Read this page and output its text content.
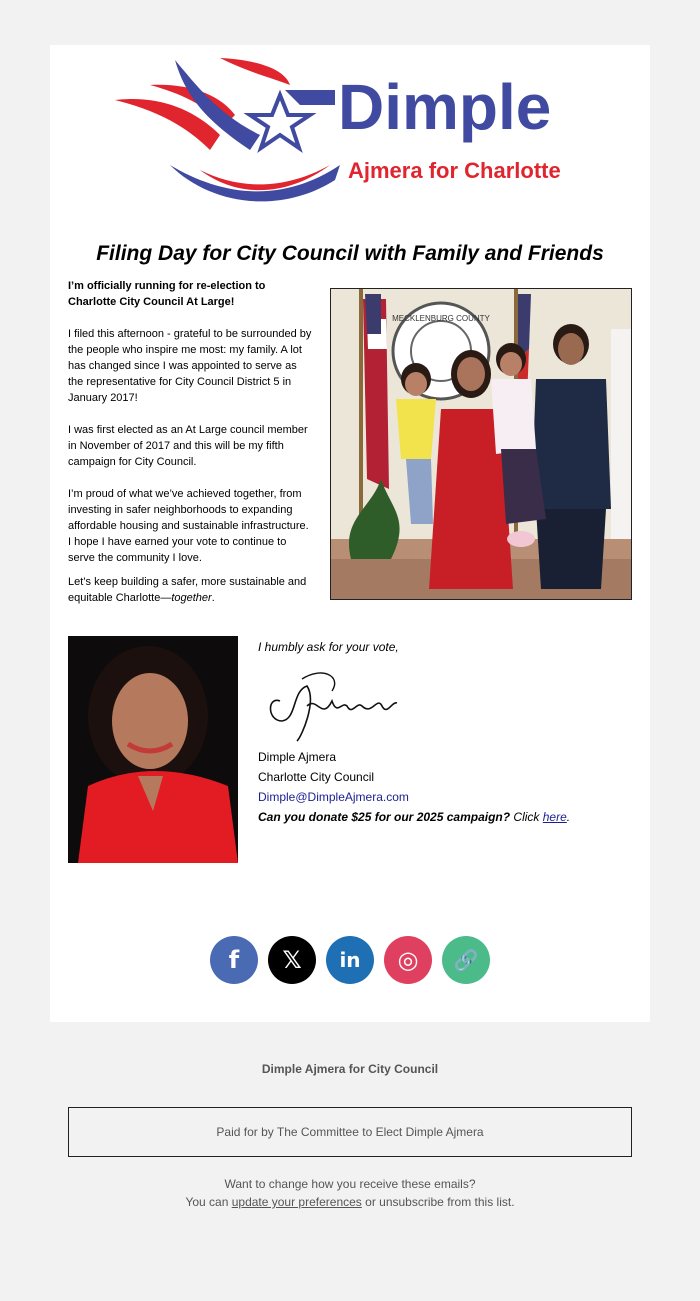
Dimple
Ajmera for Charlotte
Filing Day for City Council with Family and Friends

I’m officially running for re-election to Charlotte City Council At Large!

I filed this afternoon - grateful to be surrounded by the people who inspire me most: my family. A lot has changed since I was appointed to serve as the representative for City Council District 5 in January 2017!

I was first elected as an At Large council member in November of 2017 and this will be my fifth campaign for City Council.

I’m proud of what we’ve achieved together, from investing in safer neighborhoods to expanding affordable housing and sustainable infrastructure. I hope I have earned your vote to continue to serve the community I love.

Let’s keep building a safer, more sustainable and equitable Charlotte—together.

MECKLENBURG COUNTY
I humbly ask for your vote,
Dimple Ajmera
Charlotte City Council
Dimple@DimpleAjmera.com
Can you donate $25 for our 2025 campaign? Click here.
f 𝕏 in ◎ 🔗
Dimple Ajmera for City Council
Paid for by The Committee to Elect Dimple Ajmera
Want to change how you receive these emails?
You can update your preferences or unsubscribe from this list.
